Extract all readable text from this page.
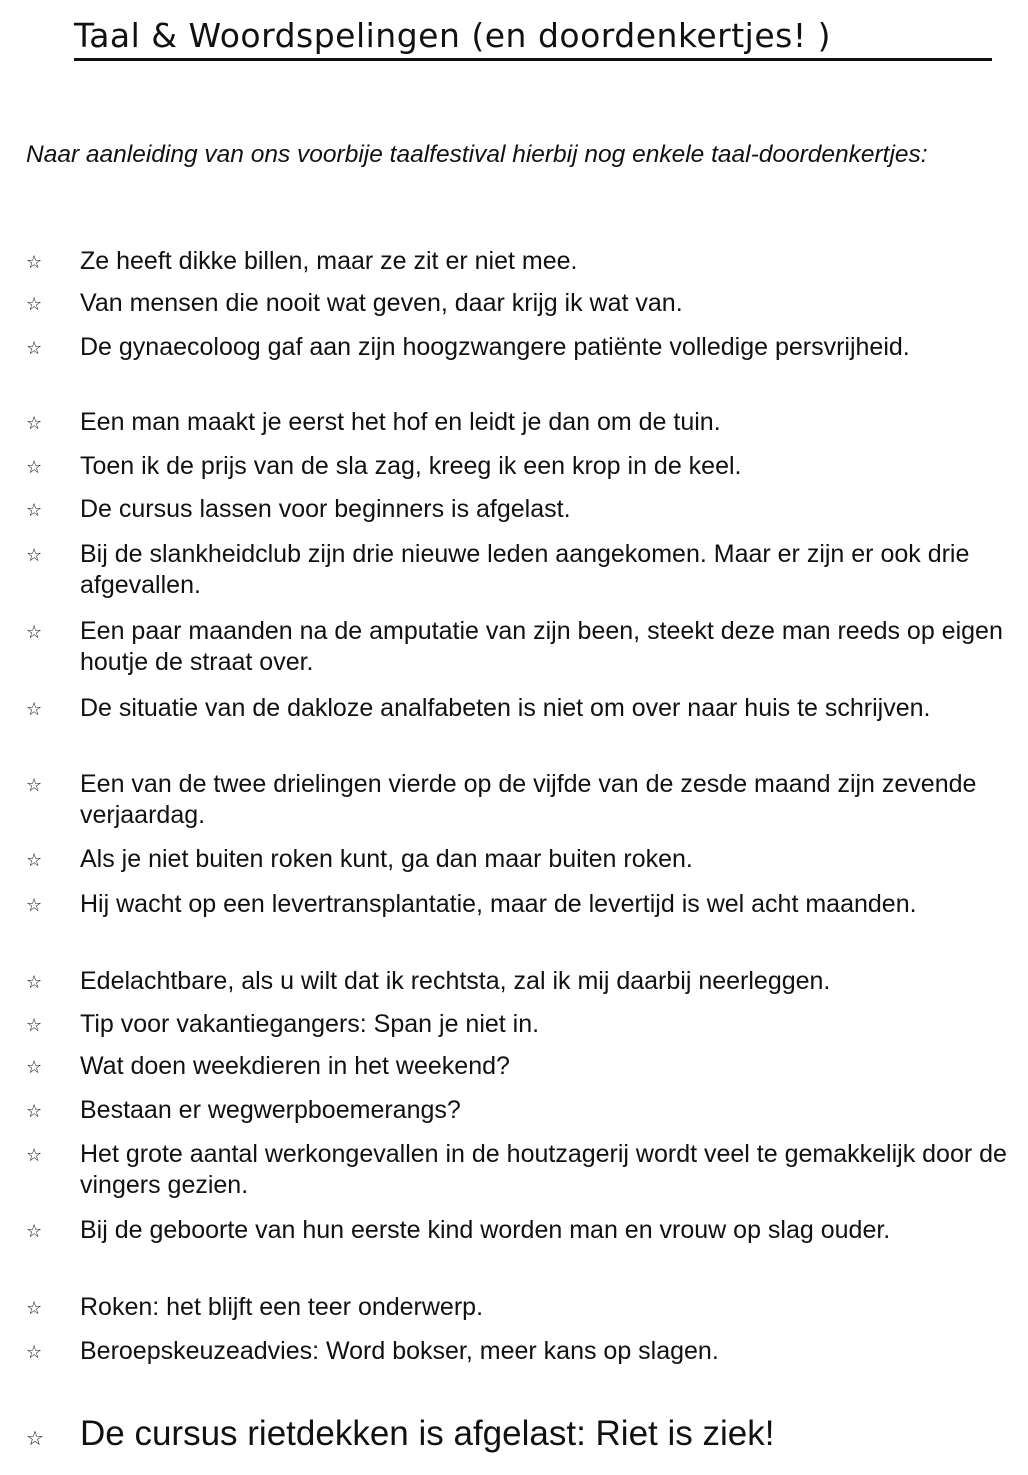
Taal & Woordspelingen (en doordenkertjes! )

Naar aanleiding van ons voorbije taalfestival hierbij nog enkele taal-doordenkertjes:

☆	Ze heeft dikke billen, maar ze zit er niet mee.
☆	Van mensen die nooit wat geven, daar krijg ik wat van.
☆	De gynaecoloog gaf aan zijn hoogzwangere patiënte volledige persvrijheid.
☆	Een man maakt je eerst het hof en leidt je dan om de tuin.
☆	Toen ik de prijs van de sla zag, kreeg ik een krop in de keel.
☆	De cursus lassen voor beginners is afgelast.
☆	Bij de slankheidclub zijn drie nieuwe leden aangekomen. Maar er zijn er ook drie afgevallen.
☆	Een paar maanden na de amputatie van zijn been, steekt deze man reeds op eigen houtje de straat over.
☆	De situatie van de dakloze analfabeten is niet om over naar huis te schrijven.
☆	Een van de twee drielingen vierde op de vijfde van de zesde maand zijn zevende verjaardag.
☆	Als je niet buiten roken kunt, ga dan maar buiten roken.
☆	Hij wacht op een levertransplantatie, maar de levertijd is wel acht maanden.
☆	Edelachtbare, als u wilt dat ik rechtsta, zal ik mij daarbij neerleggen.
☆	Tip voor vakantiegangers: Span je niet in.
☆	Wat doen weekdieren in het weekend?
☆	Bestaan er wegwerpboemerangs?
☆	Het grote aantal werkongevallen in de houtzagerij wordt veel te gemakkelijk door de vingers gezien.
☆	Bij de geboorte van hun eerste kind worden man en vrouw op slag ouder.
☆	Roken: het blijft een teer onderwerp.
☆	Beroepskeuzeadvies: Word bokser, meer kans op slagen.
☆	De cursus rietdekken is afgelast: Riet is ziek!
